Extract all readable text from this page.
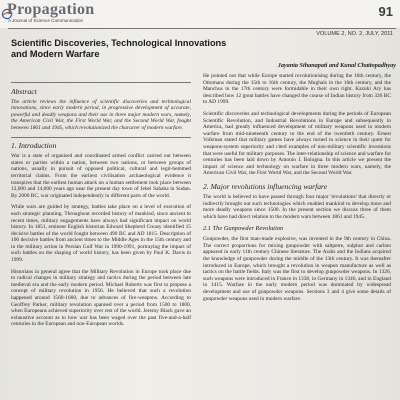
Propagation
A Journal of Science Communication
91
VOLUME 2, NO. 2, JULY, 2011
Scientific Discoveries, Technological Innovations and Modern Warfare
Jayanta Sthanapati and Kunal Chattopadhyay
Abstract

The article reviews the influence of scientific discoveries and technological innovations, since early modern period, in progressive development of accurate, powerful and deadly weapons and their use in three major modern wars, namely, the American Civil War, the First World War, and the Second World War, fought between 1861 and 1945, which revolutionized the character of modern warfare.

1. Introduction

War is a state of organised and coordinated armed conflict carried out between states or parties within a nation, between two nations, or between groups of nations, usually in pursuit of opposed political, cultural and legit-hemmed territorial claims. From the earliest civilisation archaeological evidence it transpires that the earliest human attack on a human settlement took place between 12,000 and 14,000 years ago near the present day town of Jebel Sahaba in Sudan. By 2000 BC, war originated independently in different parts of the world.

While wars are guided by strategy, battles take place on a level of execution of each strategic planning. Throughout recorded history of mankind, since ancient to recent times, military engagements have always had significant impact on world history. In 1851, eminent English historian Edward Shepherd Creasy identified 15 decisive battles of the world fought between 490 BC and AD 1815. Description of 100 decisive battles from ancient times to the Middle Ages in the 15th century and in the military action in Persian Gulf War in 1990-1991, portraying the impact of such battles on the shaping of world history, has been given by Paul K. Davis in 1999.

Historians in general agree that the Military Revolution in Europe took place due to radical changes in military strategy and tactics during the period between late medieval era and the early modern period. Michael Roberts was first to propose a concept of military revolution in 1956. He believed that such a revolution happened around 1560-1660, due to advances of fire-weapons. According to Geoffrey Parker, military revolution spanned over a period from 1500 to 1800, when Europeans achieved superiority over rest of the world. Jeremy Black gave an exhaustive account as to how war has been waged over the past five-and-a-half centuries in the European and non-European worlds.

He pointed out that while Europe started revolutionising during the 16th century, the Ottomans during the 15th to 16th century, the Mughals in the 16th century, and the Manchus in the 17th century were formidable in their own right. Kazuki Ary has described how 12 great battles have changed the course of Indian history from 326 BC to AD 1999.

Scientific discoveries and technological developments during the periods of European Scientific Revolution, and Industrial Revolutions in Europe and subsequently in America, had greatly influenced development of military weapons used in modern warfare from mid-nineteenth century to the end of the twentieth century. Ernest Volkman stated that military games have always turned to science in their quest for weapons-system superiority and cited examples of non-military scientific inventions that were useful for military purposes. The inter-relationship of science and warfare for centuries has been laid down by Antonio J. Bologna. In this article we present the impact of science and technology on warfare in three modern wars, namely, the American Civil War, the First World War, and the Second World War.

2. Major revolutions influencing warfare

The world is believed to have passed through four major 'revolutions' that directly or indirectly brought out such technologies which enabled mankind to develop more and more deadly weapons since 1500. In the present section we discuss three of them which have had direct relation to the modern wars between 1861 and 1945.

2.1 The Gunpowder Revolution

Gunpowder, the first man-made explosive, was invented in the 9th century in China. The correct proportions for mixing gunpowder with saltpetre, sulphur and carbon appeared in early 11th century Chinese literature. The Arabs and the Indians acquired the knowledge of gunpowder during the middle of the 13th century. It was thereafter introduced in Europe, which brought a revolution in weapon manufacture as well as tactics on the battle fields. Italy was the first to develop gunpowder weapons. In 1326, such weapons were introduced in France in 1338, in Germany in 1346, and in England in 1415. Warfare in the early modern period was dominated by widespread development and use of gunpowder weapons. Sections 3 and 4 give some details of gunpowder weapons used in modern warfare.
